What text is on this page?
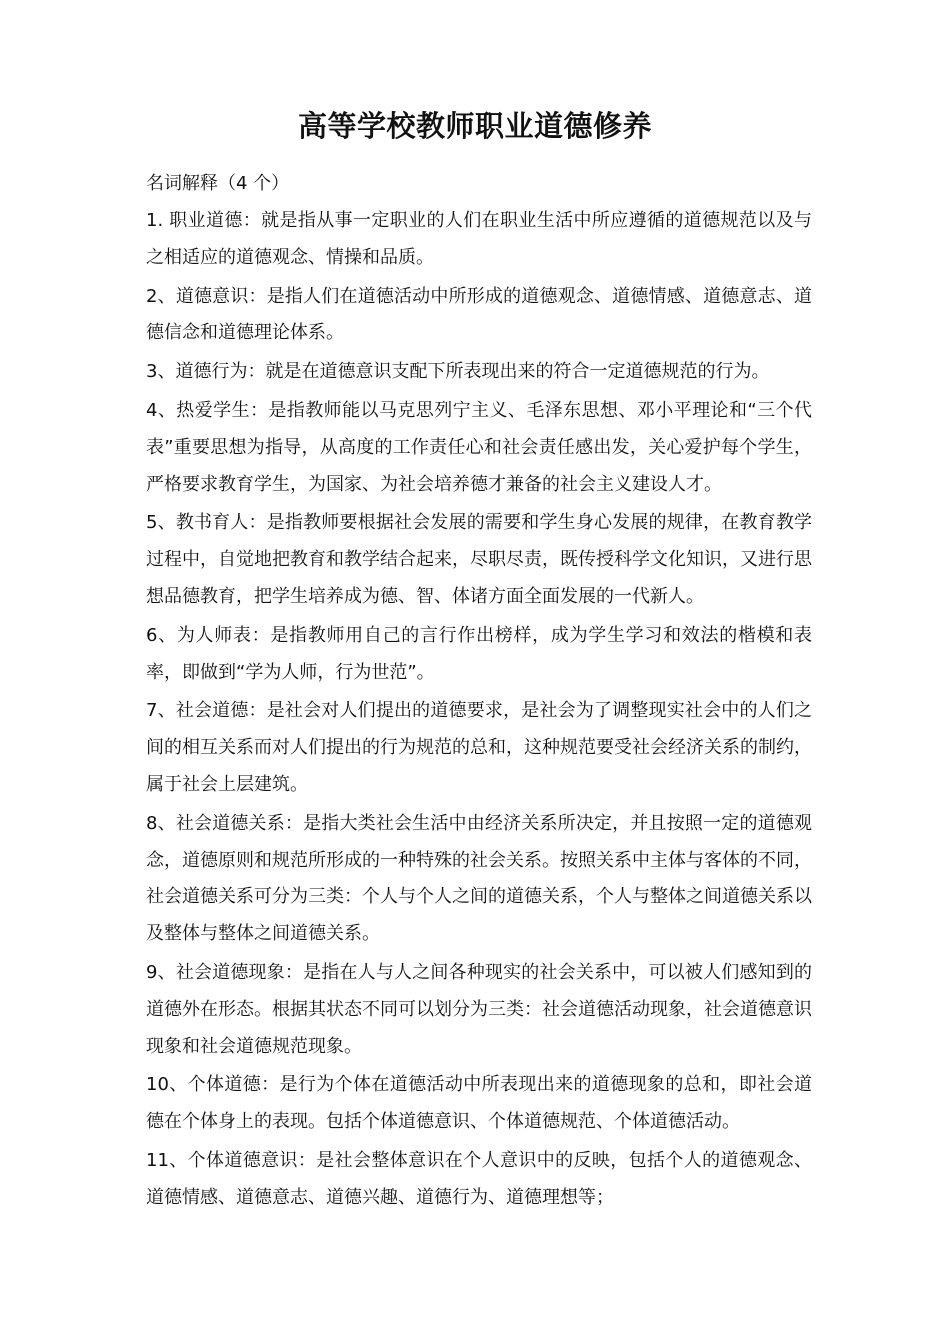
高等学校教师职业道德修养
名词解释（4 个）
1. 职业道德：就是指从事一定职业的人们在职业生活中所应遵循的道德规范以及与之相适应的道德观念、情操和品质。
2、道德意识：是指人们在道德活动中所形成的道德观念、道德情感、道德意志、道德信念和道德理论体系。
3、道德行为：就是在道德意识支配下所表现出来的符合一定道德规范的行为。
4、热爱学生：是指教师能以马克思列宁主义、毛泽东思想、邓小平理论和“三个代表”重要思想为指导，从高度的工作责任心和社会责任感出发，关心爱护每个学生，严格要求教育学生，为国家、为社会培养德才兼备的社会主义建设人才。
5、教书育人：是指教师要根据社会发展的需要和学生身心发展的规律，在教育教学过程中，自觉地把教育和教学结合起来，尽职尽责，既传授科学文化知识，又进行思想品德教育，把学生培养成为德、智、体诸方面全面发展的一代新人。
6、为人师表：是指教师用自己的言行作出榜样，成为学生学习和效法的楷模和表率，即做到“学为人师，行为世范”。
7、社会道德：是社会对人们提出的道德要求，是社会为了调整现实社会中的人们之间的相互关系而对人们提出的行为规范的总和，这种规范要受社会经济关系的制约，属于社会上层建筑。
8、社会道德关系：是指大类社会生活中由经济关系所决定，并且按照一定的道德观念，道德原则和规范所形成的一种特殊的社会关系。按照关系中主体与客体的不同，社会道德关系可分为三类：个人与个人之间的道德关系，个人与整体之间道德关系以及整体与整体之间道德关系。
9、社会道德现象：是指在人与人之间各种现实的社会关系中，可以被人们感知到的道德外在形态。根据其状态不同可以划分为三类：社会道德活动现象，社会道德意识现象和社会道德规范现象。
10、个体道德：是行为个体在道德活动中所表现出来的道德现象的总和，即社会道德在个体身上的表现。包括个体道德意识、个体道德规范、个体道德活动。
11、个体道德意识：是社会整体意识在个人意识中的反映，包括个人的道德观念、道德情感、道德意志、道德兴趣、道德行为、道德理想等；
